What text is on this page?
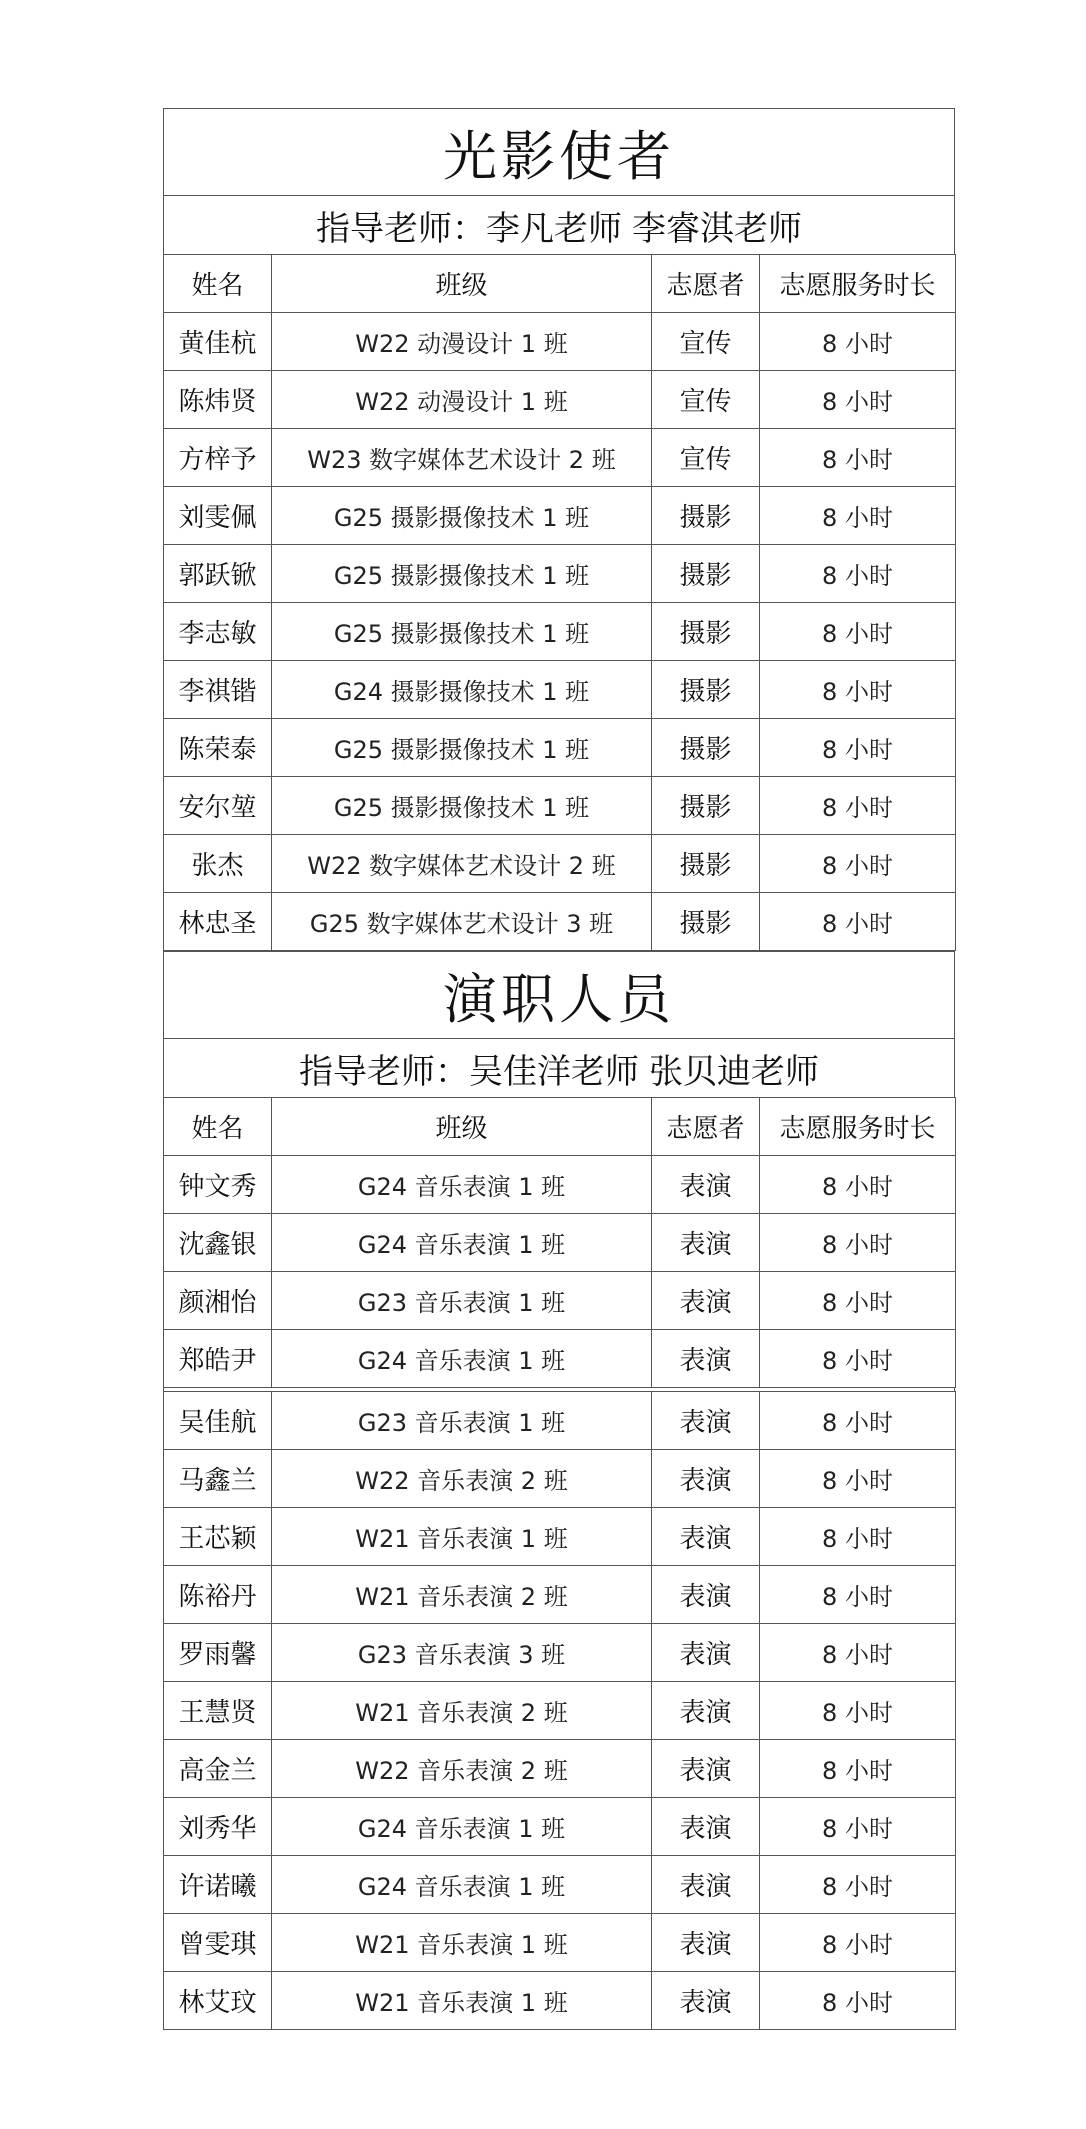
光影使者
指导老师：李凡老师 李睿淇老师
姓名	班级	志愿者	志愿服务时长
黄佳杭	W22 动漫设计 1 班	宣传	8 小时
陈炜贤	W22 动漫设计 1 班	宣传	8 小时
方梓予	W23 数字媒体艺术设计 2 班	宣传	8 小时
刘雯佩	G25 摄影摄像技术 1 班	摄影	8 小时
郭跃锨	G25 摄影摄像技术 1 班	摄影	8 小时
李志敏	G25 摄影摄像技术 1 班	摄影	8 小时
李祺锴	G24 摄影摄像技术 1 班	摄影	8 小时
陈荣泰	G25 摄影摄像技术 1 班	摄影	8 小时
安尔堃	G25 摄影摄像技术 1 班	摄影	8 小时
张杰	W22 数字媒体艺术设计 2 班	摄影	8 小时
林忠圣	G25 数字媒体艺术设计 3 班	摄影	8 小时
演职人员
指导老师：吴佳洋老师 张贝迪老师
姓名	班级	志愿者	志愿服务时长
钟文秀	G24 音乐表演 1 班	表演	8 小时
沈鑫银	G24 音乐表演 1 班	表演	8 小时
颜湘怡	G23 音乐表演 1 班	表演	8 小时
郑皓尹	G24 音乐表演 1 班	表演	8 小时
吴佳航	G23 音乐表演 1 班	表演	8 小时
马鑫兰	W22 音乐表演 2 班	表演	8 小时
王芯颖	W21 音乐表演 1 班	表演	8 小时
陈裕丹	W21 音乐表演 2 班	表演	8 小时
罗雨馨	G23 音乐表演 3 班	表演	8 小时
王慧贤	W21 音乐表演 2 班	表演	8 小时
高金兰	W22 音乐表演 2 班	表演	8 小时
刘秀华	G24 音乐表演 1 班	表演	8 小时
许诺曦	G24 音乐表演 1 班	表演	8 小时
曾雯琪	W21 音乐表演 1 班	表演	8 小时
林艾玟	W21 音乐表演 1 班	表演	8 小时
